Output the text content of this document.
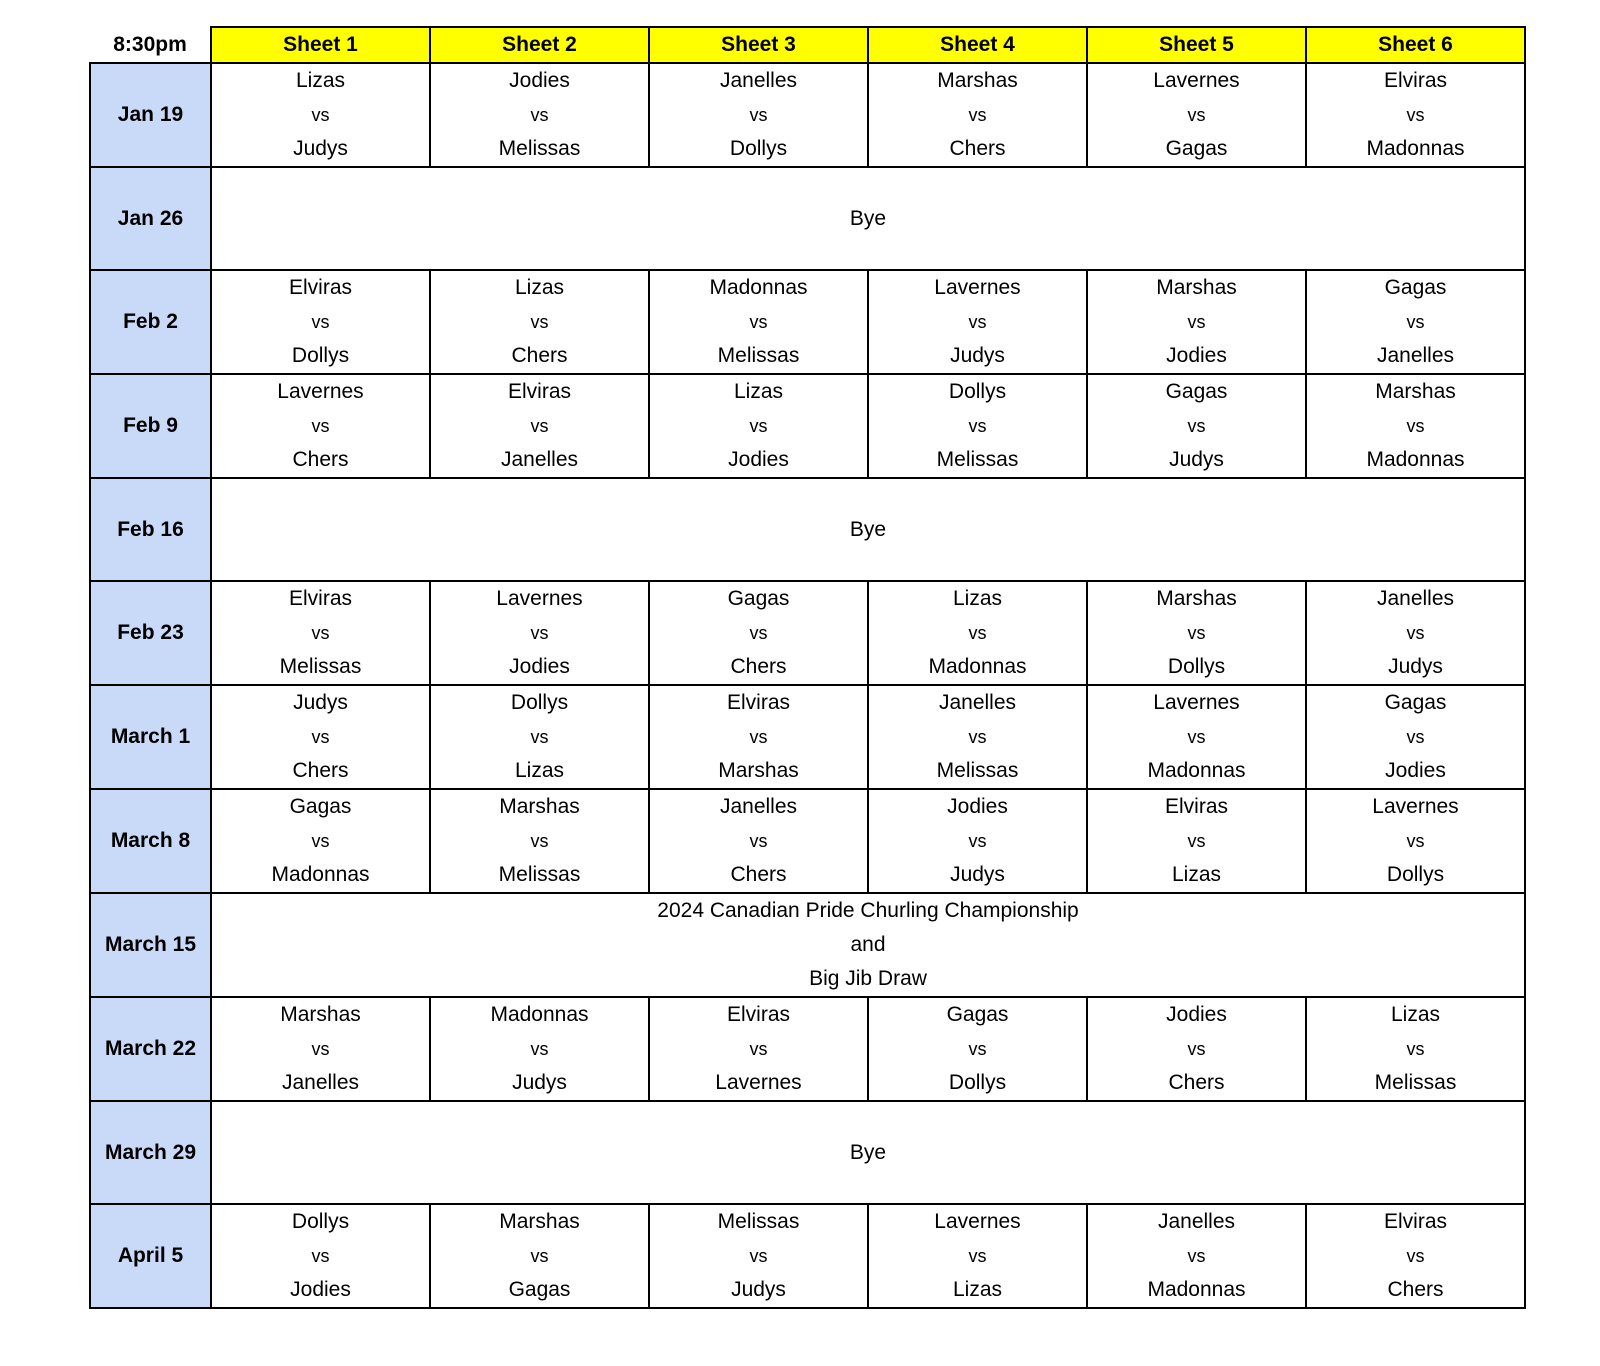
8:30pm	Sheet 1	Sheet 2	Sheet 3	Sheet 4	Sheet 5	Sheet 6
Jan 19	Lizas
vs
Judys	Jodies
vs
Melissas	Janelles
vs
Dollys	Marshas
vs
Chers	Lavernes
vs
Gagas	Elviras
vs
Madonnas

Jan 26	Bye					

Feb 2	Elviras
vs
Dollys	Lizas
vs
Chers	Madonnas
vs
Melissas	Lavernes
vs
Judys	Marshas
vs
Jodies	Gagas
vs
Janelles

Feb 9	Lavernes
vs
Chers	Elviras
vs
Janelles	Lizas
vs
Jodies	Dollys
vs
Melissas	Gagas
vs
Judys	Marshas
vs
Madonnas

Feb 16	Bye					

Feb 23	Elviras
vs
Melissas	Lavernes
vs
Jodies	Gagas
vs
Chers	Lizas
vs
Madonnas	Marshas
vs
Dollys	Janelles
vs
Judys

March 1	Judys
vs
Chers	Dollys
vs
Lizas	Elviras
vs
Marshas	Janelles
vs
Melissas	Lavernes
vs
Madonnas	Gagas
vs
Jodies

March 8	Gagas
vs
Madonnas	Marshas
vs
Melissas	Janelles
vs
Chers	Jodies
vs
Judys	Elviras
vs
Lizas	Lavernes
vs
Dollys

March 15	2024 Canadian Pride Churling Championship
and
Big Jib Draw					

March 22	Marshas
vs
Janelles	Madonnas
vs
Judys	Elviras
vs
Lavernes	Gagas
vs
Dollys	Jodies
vs
Chers	Lizas
vs
Melissas

March 29	Bye					

April 5	Dollys
vs
Jodies	Marshas
vs
Gagas	Melissas
vs
Judys	Lavernes
vs
Lizas	Janelles
vs
Madonnas	Elviras
vs
Chers
